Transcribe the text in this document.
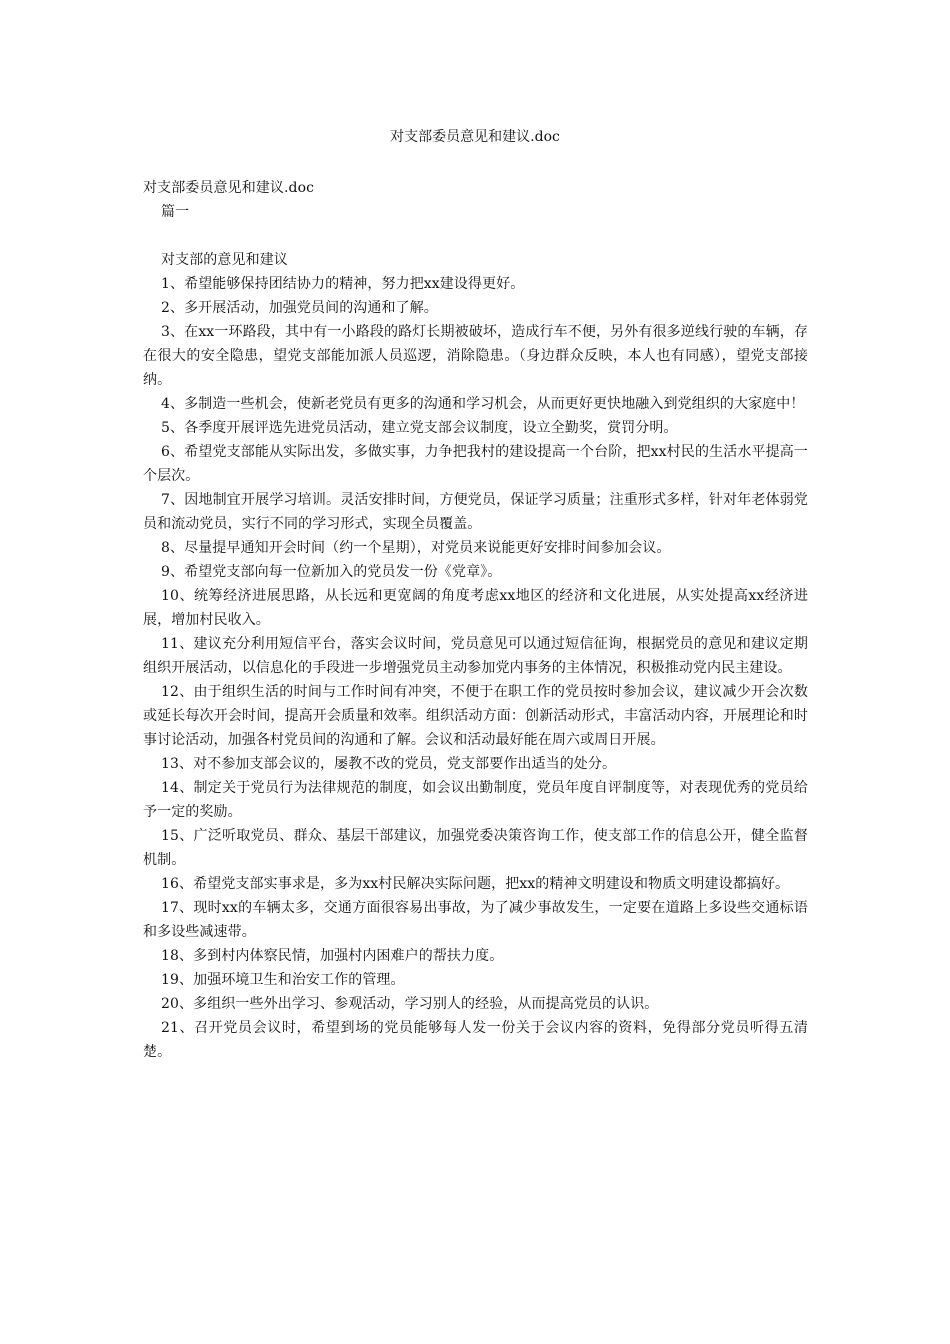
对支部委员意见和建议.doc

对支部委员意见和建议.doc

篇一

对支部的意见和建议

1、希望能够保持团结协力的精神，努力把xx建设得更好。

2、多开展活动，加强党员间的沟通和了解。

3、在xx一环路段，其中有一小路段的路灯长期被破坏，造成行车不便，另外有很多逆线行驶的车辆，存在很大的安全隐患，望党支部能加派人员巡逻，消除隐患。（身边群众反映，本人也有同感），望党支部接纳。

4、多制造一些机会，使新老党员有更多的沟通和学习机会，从而更好更快地融入到党组织的大家庭中！

5、各季度开展评选先进党员活动，建立党支部会议制度，设立全勤奖，赏罚分明。

6、希望党支部能从实际出发，多做实事，力争把我村的建设提高一个台阶，把xx村民的生活水平提高一个层次。

7、因地制宜开展学习培训。灵活安排时间，方便党员，保证学习质量；注重形式多样，针对年老体弱党员和流动党员，实行不同的学习形式，实现全员覆盖。

8、尽量提早通知开会时间（约一个星期），对党员来说能更好安排时间参加会议。

9、希望党支部向每一位新加入的党员发一份《党章》。

10、统筹经济进展思路，从长远和更宽阔的角度考虑xx地区的经济和文化进展，从实处提高xx经济进展，增加村民收入。

11、建议充分利用短信平台，落实会议时间，党员意见可以通过短信征询，根据党员的意见和建议定期组织开展活动，以信息化的手段进一步增强党员主动参加党内事务的主体情况，积极推动党内民主建设。

12、由于组织生活的时间与工作时间有冲突，不便于在职工作的党员按时参加会议，建议减少开会次数或延长每次开会时间，提高开会质量和效率。组织活动方面：创新活动形式，丰富活动内容，开展理论和时事讨论活动，加强各村党员间的沟通和了解。会议和活动最好能在周六或周日开展。

13、对不参加支部会议的，屡教不改的党员，党支部要作出适当的处分。

14、制定关于党员行为法律规范的制度，如会议出勤制度，党员年度自评制度等，对表现优秀的党员给予一定的奖励。

15、广泛听取党员、群众、基层干部建议，加强党委决策咨询工作，使支部工作的信息公开，健全监督机制。

16、希望党支部实事求是，多为xx村民解决实际问题，把xx的精神文明建设和物质文明建设都搞好。

17、现时xx的车辆太多，交通方面很容易出事故，为了减少事故发生，一定要在道路上多设些交通标语和多设些减速带。

18、多到村内体察民情，加强村内困难户的帮扶力度。

19、加强环境卫生和治安工作的管理。

20、多组织一些外出学习、参观活动，学习别人的经验，从而提高党员的认识。

21、召开党员会议时，希望到场的党员能够每人发一份关于会议内容的资料，免得部分党员听得五清楚。
